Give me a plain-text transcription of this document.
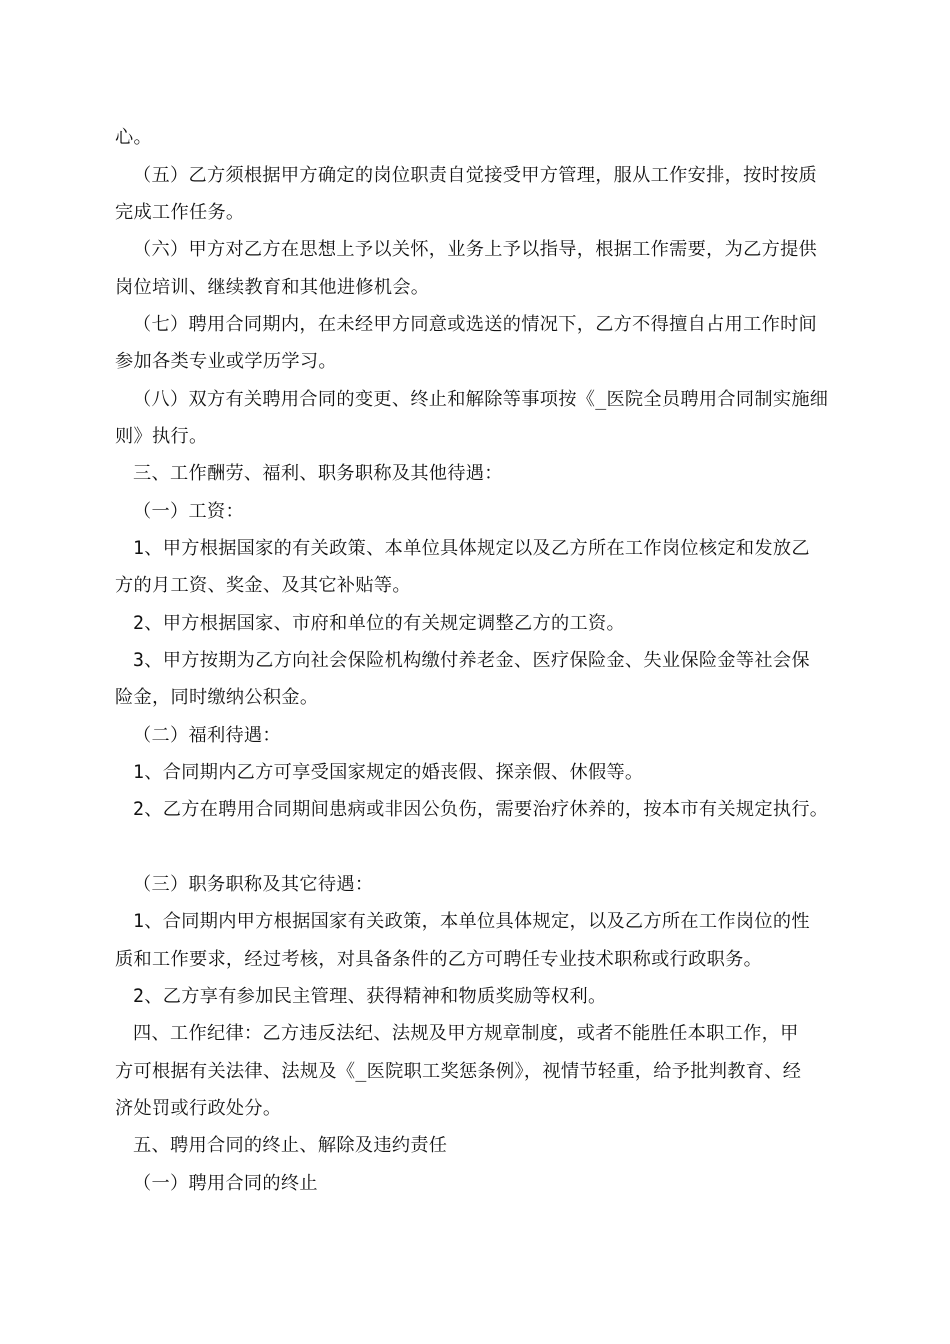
心。
（五）乙方须根据甲方确定的岗位职责自觉接受甲方管理，服从工作安排，按时按质
完成工作任务。
（六）甲方对乙方在思想上予以关怀，业务上予以指导，根据工作需要，为乙方提供
岗位培训、继续教育和其他进修机会。
（七）聘用合同期内，在未经甲方同意或选送的情况下，乙方不得擅自占用工作时间
参加各类专业或学历学习。
（八）双方有关聘用合同的变更、终止和解除等事项按《_医院全员聘用合同制实施细
则》执行。
三、工作酬劳、福利、职务职称及其他待遇：
（一）工资：
1、甲方根据国家的有关政策、本单位具体规定以及乙方所在工作岗位核定和发放乙
方的月工资、奖金、及其它补贴等。
2、甲方根据国家、市府和单位的有关规定调整乙方的工资。
3、甲方按期为乙方向社会保险机构缴付养老金、医疗保险金、失业保险金等社会保
险金，同时缴纳公积金。
（二）福利待遇：
1、合同期内乙方可享受国家规定的婚丧假、探亲假、休假等。
2、乙方在聘用合同期间患病或非因公负伤，需要治疗休养的，按本市有关规定执行。
（三）职务职称及其它待遇：
1、合同期内甲方根据国家有关政策，本单位具体规定，以及乙方所在工作岗位的性
质和工作要求，经过考核，对具备条件的乙方可聘任专业技术职称或行政职务。
2、乙方享有参加民主管理、获得精神和物质奖励等权利。
四、工作纪律：乙方违反法纪、法规及甲方规章制度，或者不能胜任本职工作，甲
方可根据有关法律、法规及《_医院职工奖惩条例》，视情节轻重，给予批判教育、经
济处罚或行政处分。
五、聘用合同的终止、解除及违约责任
（一）聘用合同的终止
